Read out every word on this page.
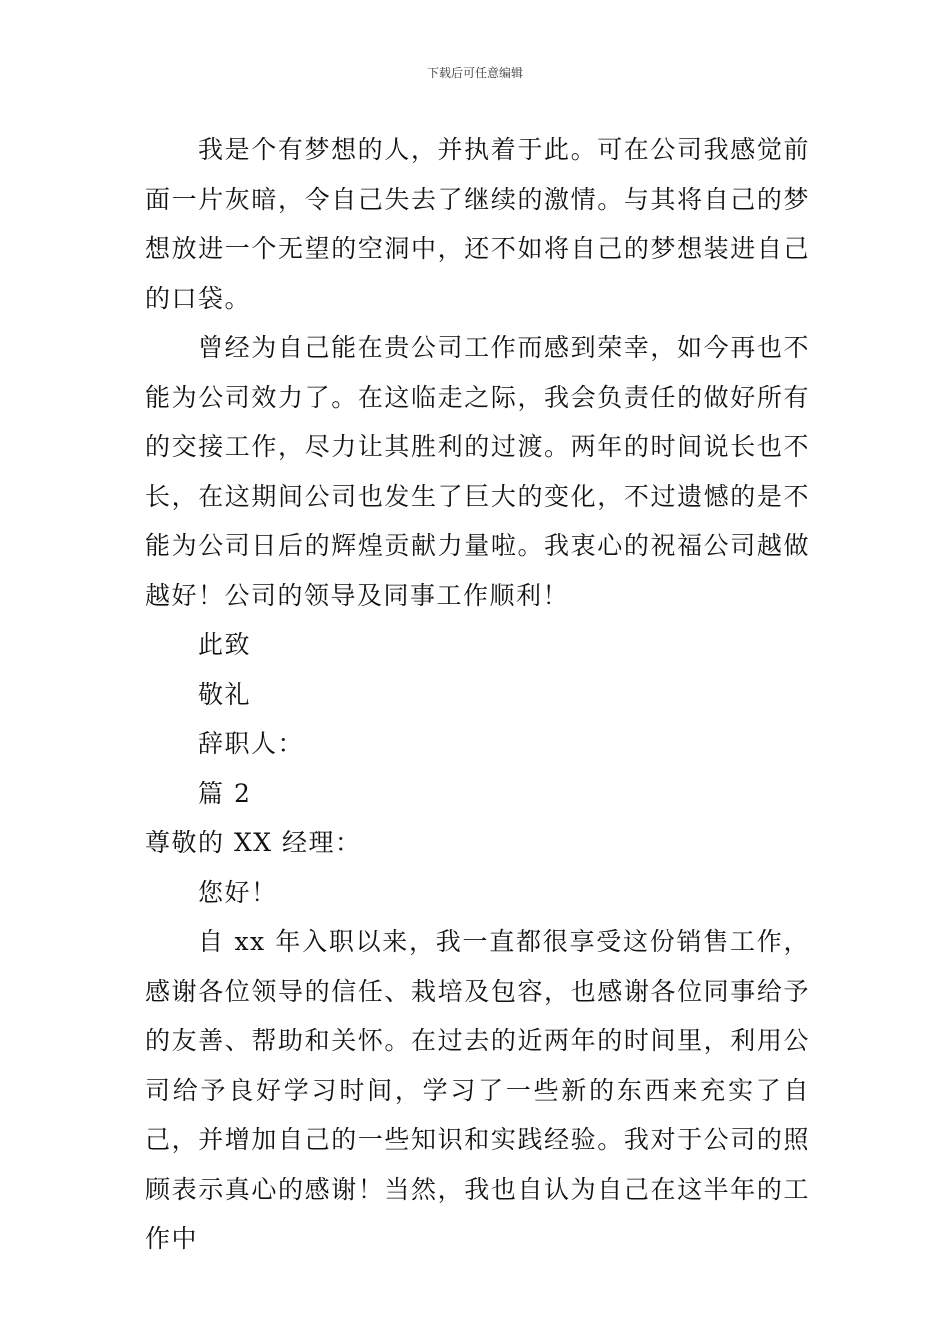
下载后可任意编辑

我是个有梦想的人，并执着于此。可在公司我感觉前面一片灰暗，令自己失去了继续的激情。与其将自己的梦想放进一个无望的空洞中，还不如将自己的梦想装进自己的口袋。

曾经为自己能在贵公司工作而感到荣幸，如今再也不能为公司效力了。在这临走之际，我会负责任的做好所有的交接工作，尽力让其胜利的过渡。两年的时间说长也不长，在这期间公司也发生了巨大的变化，不过遗憾的是不能为公司日后的辉煌贡献力量啦。我衷心的祝福公司越做越好！公司的领导及同事工作顺利！

此致

敬礼

辞职人：

篇 2

尊敬的 XX 经理：

您好！

自 xx 年入职以来，我一直都很享受这份销售工作，感谢各位领导的信任、栽培及包容，也感谢各位同事给予的友善、帮助和关怀。在过去的近两年的时间里，利用公司给予良好学习时间，学习了一些新的东西来充实了自己，并增加自己的一些知识和实践经验。我对于公司的照顾表示真心的感谢！当然，我也自认为自己在这半年的工作中
